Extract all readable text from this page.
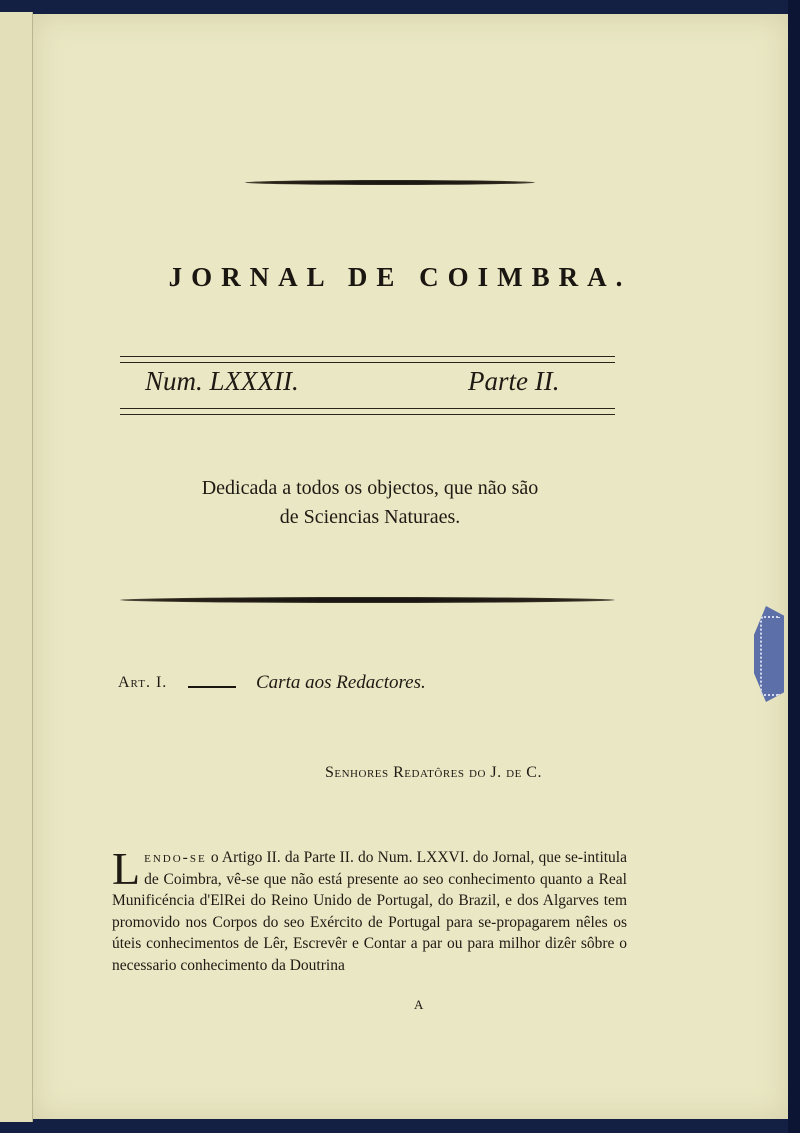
JORNAL DE COIMBRA.
Num. LXXXII.	Parte II.
Dedicada a todos os objectos, que não são
de Sciencias Naturaes.
Art. I.	Carta aos Redactores.
Senhores Redatôres do J. de C.
Lendo-se o Artigo II. da Parte II. do Num. LXXVI. do Jornal, que se-intitula de Coimbra, vê-se que não está presente ao seo conhecimento quanto a Real Munificéncia d'ElRei do Reino Unido de Portugal, do Brazil, e dos Algarves tem promovido nos Corpos do seo Exército de Portugal para se-propagarem nêles os úteis conhecimentos de Lêr, Escrevêr e Contar a par ou para milhor dizêr sôbre o necessario conhecimento da Doutrina
A
